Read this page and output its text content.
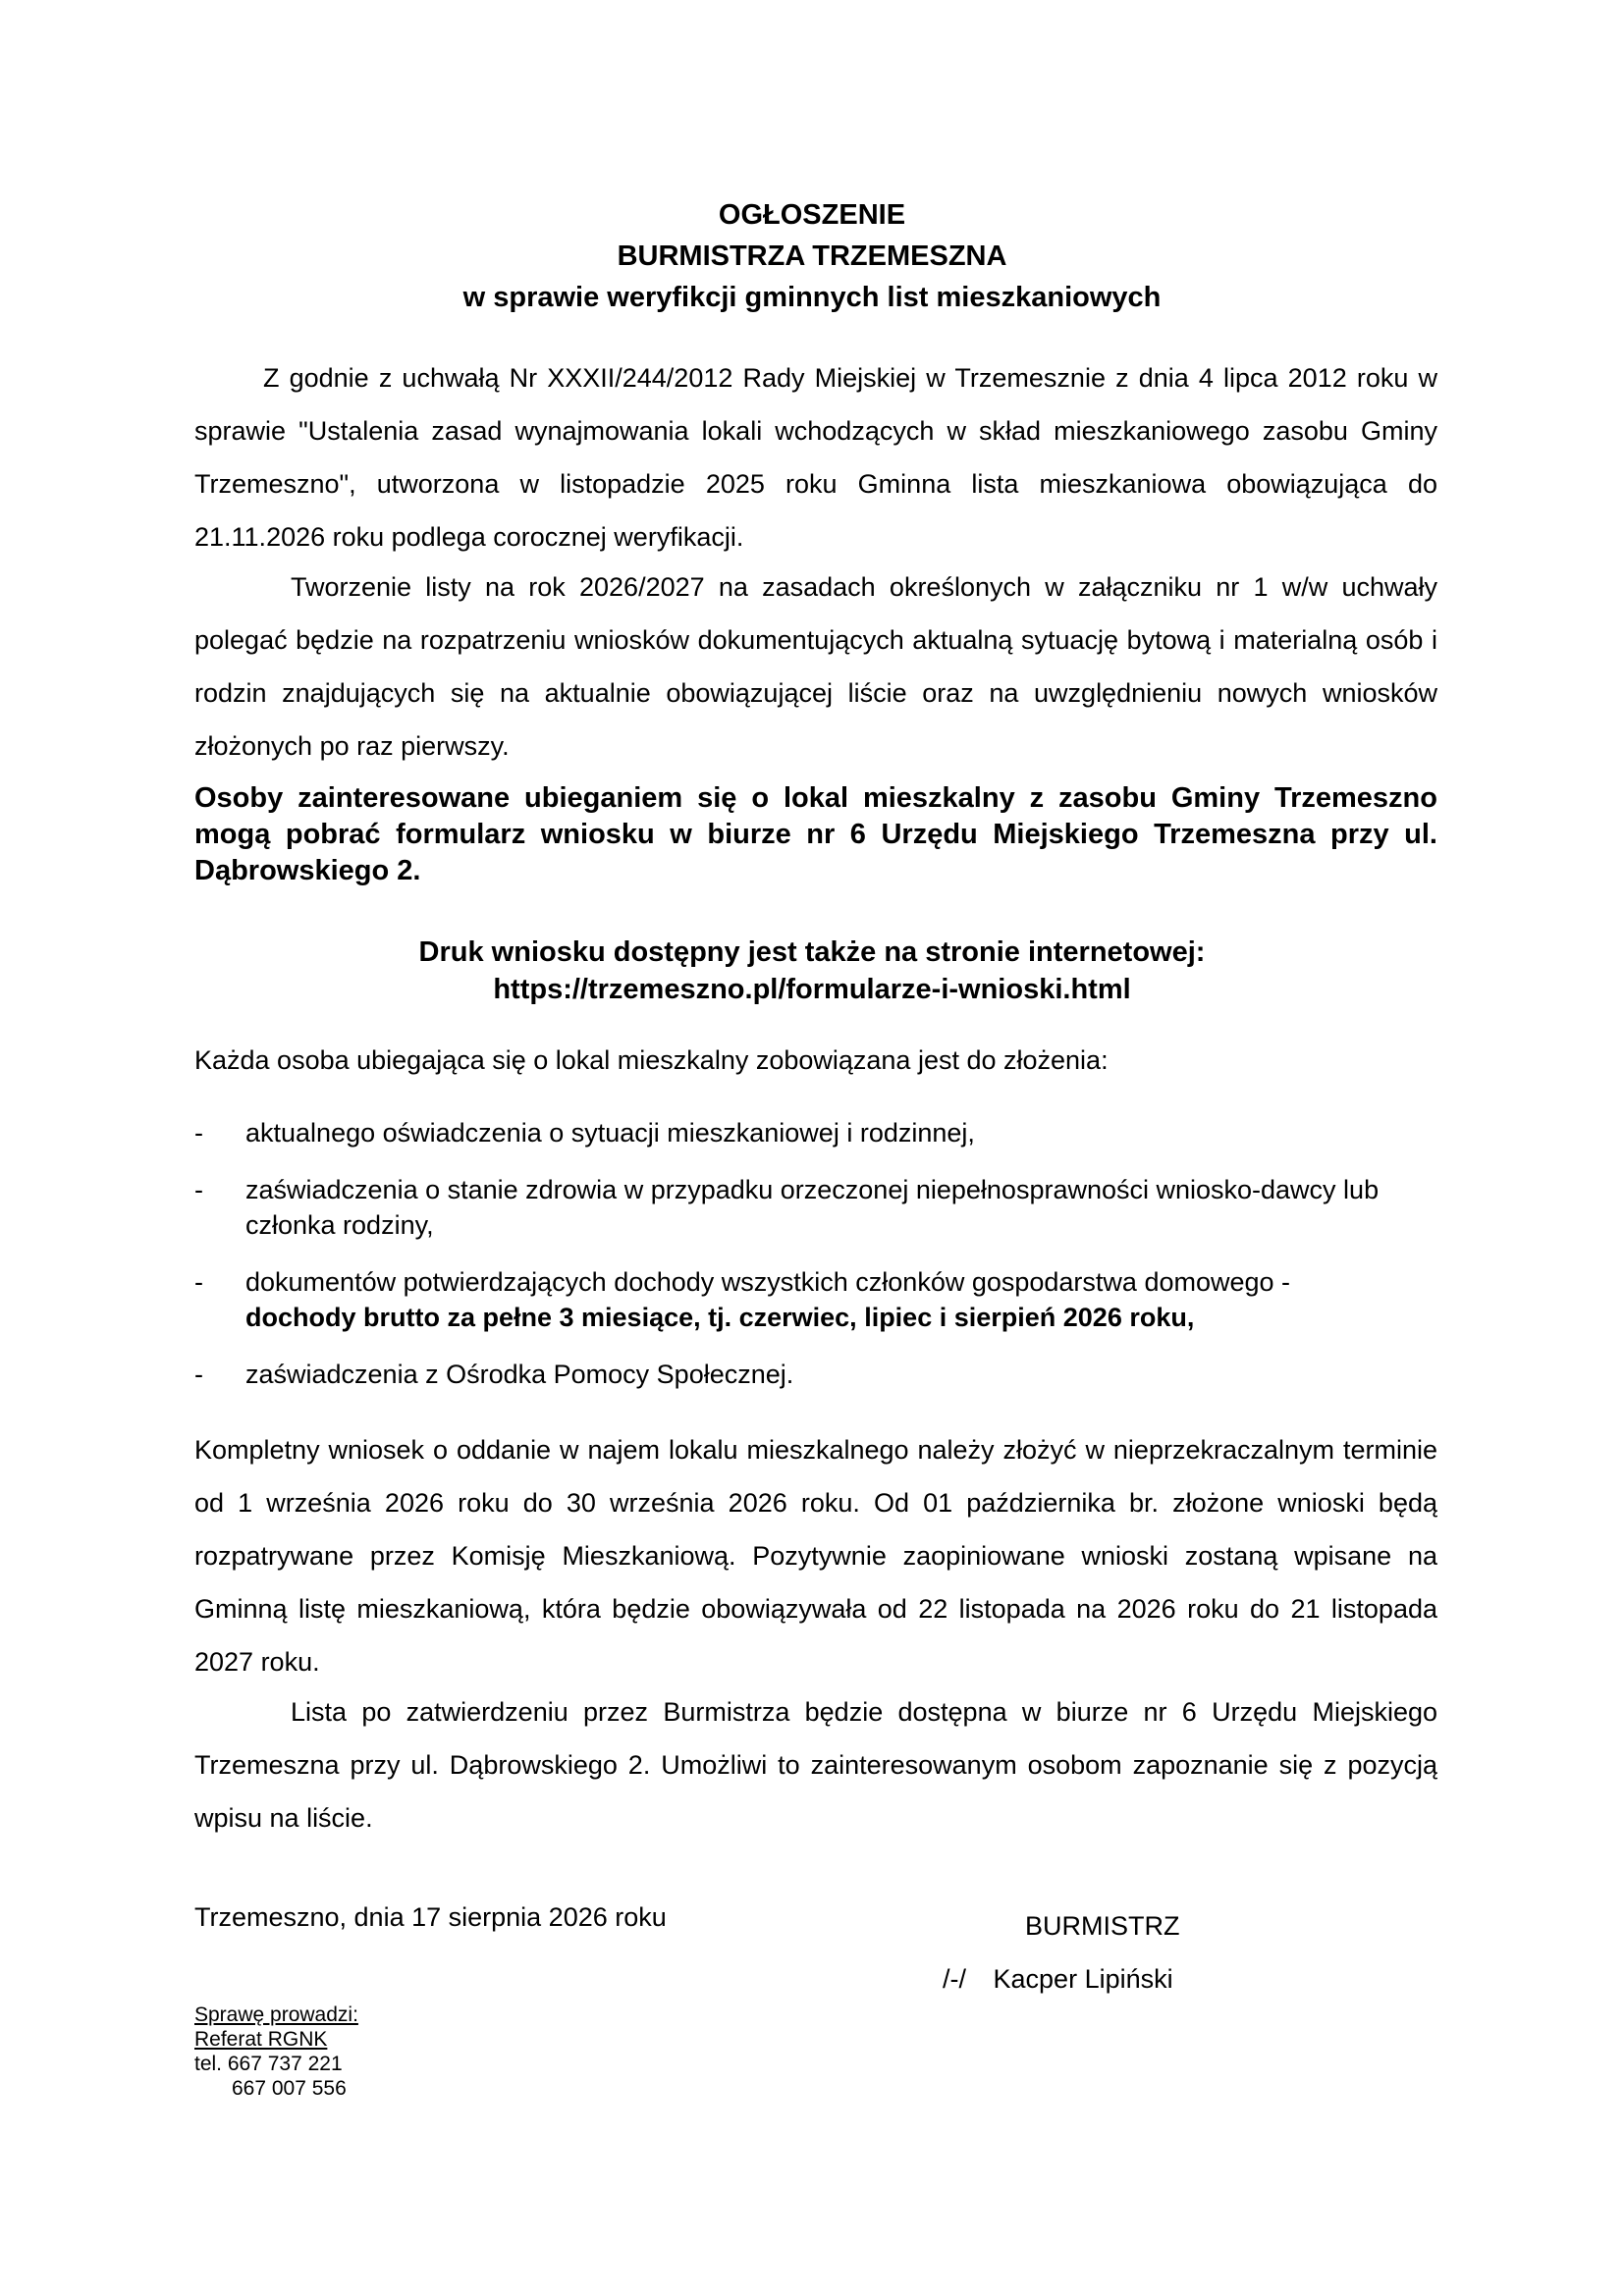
OGŁOSZENIE
BURMISTRZA TRZEMESZNA
w sprawie weryfikcji gminnych list mieszkaniowych
Z godnie z uchwałą Nr XXXII/244/2012 Rady Miejskiej w Trzemesznie z dnia 4 lipca 2012 roku w sprawie "Ustalenia zasad wynajmowania lokali wchodzących w skład mieszkaniowego zasobu Gminy Trzemeszno", utworzona w listopadzie 2025 roku Gminna lista mieszkaniowa obowiązująca do 21.11.2026 roku podlega corocznej weryfikacji.
Tworzenie listy na rok 2026/2027 na zasadach określonych w załączniku nr 1 w/w uchwały polegać będzie na rozpatrzeniu wniosków dokumentujących aktualną sytuację bytową i materialną osób i rodzin znajdujących się na aktualnie obowiązującej liście oraz na uwzględnieniu nowych wniosków złożonych po raz pierwszy.
Osoby zainteresowane ubieganiem się o lokal mieszkalny z zasobu Gminy Trzemeszno mogą pobrać formularz wniosku w biurze nr 6 Urzędu Miejskiego Trzemeszna przy ul. Dąbrowskiego 2.
Druk wniosku dostępny jest także na stronie internetowej:
https://trzemeszno.pl/formularze-i-wnioski.html
Każda osoba ubiegająca się o lokal mieszkalny zobowiązana jest do złożenia:
- aktualnego oświadczenia o sytuacji mieszkaniowej i rodzinnej,
- zaświadczenia o stanie zdrowia w przypadku orzeczonej niepełnosprawności wniosko-dawcy lub członka rodziny,
- dokumentów potwierdzających dochody wszystkich członków gospodarstwa domowego -
dochody brutto za pełne 3 miesiące, tj. czerwiec, lipiec i sierpień 2026 roku,
- zaświadczenia z Ośrodka Pomocy Społecznej.
Kompletny wniosek o oddanie w najem lokalu mieszkalnego należy złożyć w nieprzekraczalnym terminie od 1 września 2026 roku do 30 września 2026 roku. Od 01 października br. złożone wnioski będą rozpatrywane przez Komisję Mieszkaniową. Pozytywnie zaopiniowane wnioski zostaną wpisane na Gminną listę mieszkaniową, która będzie obowiązywała od 22 listopada na 2026 roku do 21 listopada 2027 roku.
Lista po zatwierdzeniu przez Burmistrza będzie dostępna w biurze nr 6 Urzędu Miejskiego Trzemeszna przy ul. Dąbrowskiego 2. Umożliwi to zainteresowanym osobom zapoznanie się z pozycją wpisu na liście.
Trzemeszno, dnia 17 sierpnia 2026 roku	BURMISTRZ
/-/ Kacper Lipiński
Sprawę prowadzi:
Referat RGNK
tel. 667 737 221
667 007 556
